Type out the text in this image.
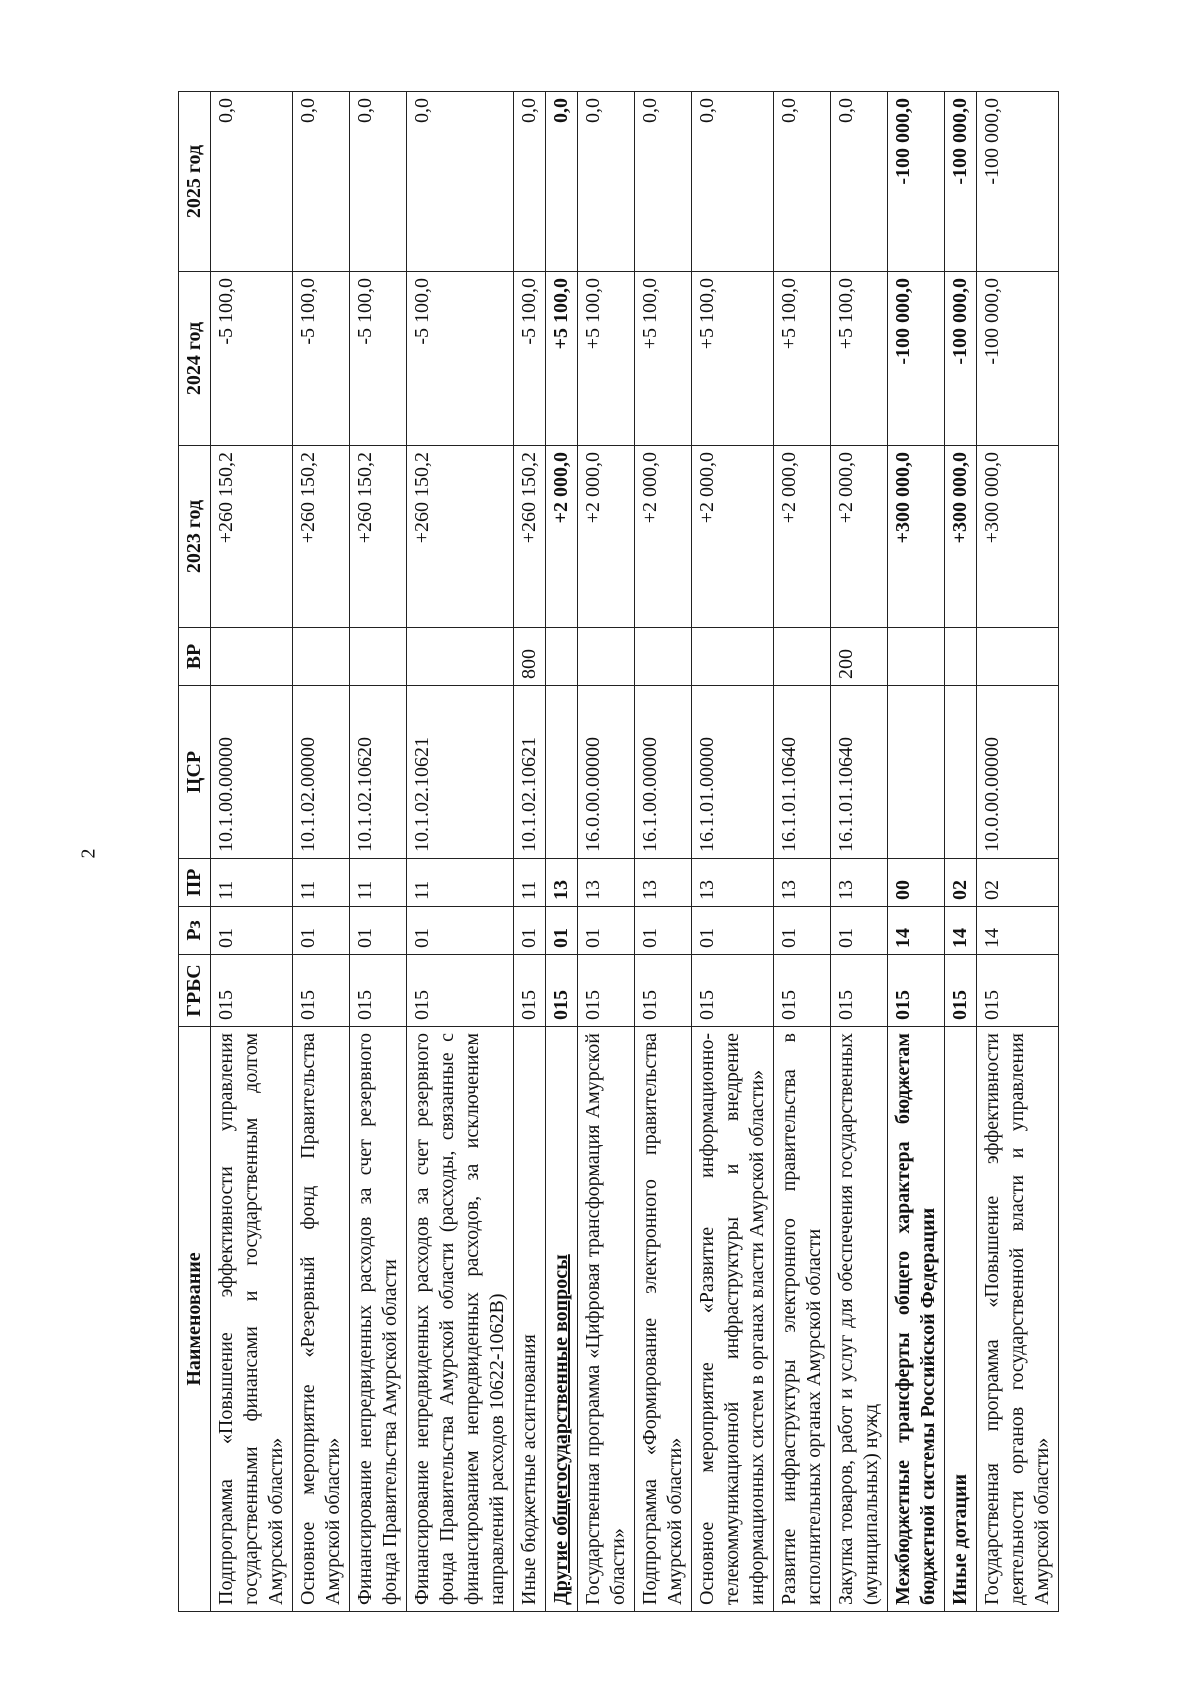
2
Наименование	ГРБС	Рз	ПР	ЦСР	ВР	2023 год	2024 год	2025 год
Подпрограмма «Повышение эффективности управления государственными финансами и государственным долгом Амурской области»	015	01	11	10.1.00.00000		+260 150,2	-5 100,0	0,0
Основное мероприятие «Резервный фонд Правительства Амурской области»	015	01	11	10.1.02.00000		+260 150,2	-5 100,0	0,0
Финансирование непредвиденных расходов за счет резервного фонда Правительства Амурской области	015	01	11	10.1.02.10620		+260 150,2	-5 100,0	0,0
Финансирование непредвиденных расходов за счет резервного фонда Правительства Амурской области (расходы, связанные с финансированием непредвиденных расходов, за исключением направлений расходов 10622-1062В)	015	01	11	10.1.02.10621		+260 150,2	-5 100,0	0,0
Иные бюджетные ассигнования	015	01	11	10.1.02.10621	800	+260 150,2	-5 100,0	0,0
Другие общегосударственные вопросы	015	01	13			+2 000,0	+5 100,0	0,0
Государственная программа «Цифровая трансформация Амурской области»	015	01	13	16.0.00.00000		+2 000,0	+5 100,0	0,0
Подпрограмма «Формирование электронного правительства Амурской области»	015	01	13	16.1.00.00000		+2 000,0	+5 100,0	0,0
Основное мероприятие «Развитие информационно-телекоммуникационной инфраструктуры и внедрение информационных систем в органах власти Амурской области»	015	01	13	16.1.01.00000		+2 000,0	+5 100,0	0,0
Развитие инфраструктуры электронного правительства в исполнительных органах Амурской области	015	01	13	16.1.01.10640		+2 000,0	+5 100,0	0,0
Закупка товаров, работ и услуг для обеспечения государственных (муниципальных) нужд	015	01	13	16.1.01.10640	200	+2 000,0	+5 100,0	0,0
Межбюджетные трансферты общего характера бюджетам бюджетной системы Российской Федерации	015	14	00			+300 000,0	-100 000,0	-100 000,0
Иные дотации	015	14	02			+300 000,0	-100 000,0	-100 000,0
Государственная программа «Повышение эффективности деятельности органов государственной власти и управления Амурской области»	015	14	02	10.0.00.00000		+300 000,0	-100 000,0	-100 000,0
